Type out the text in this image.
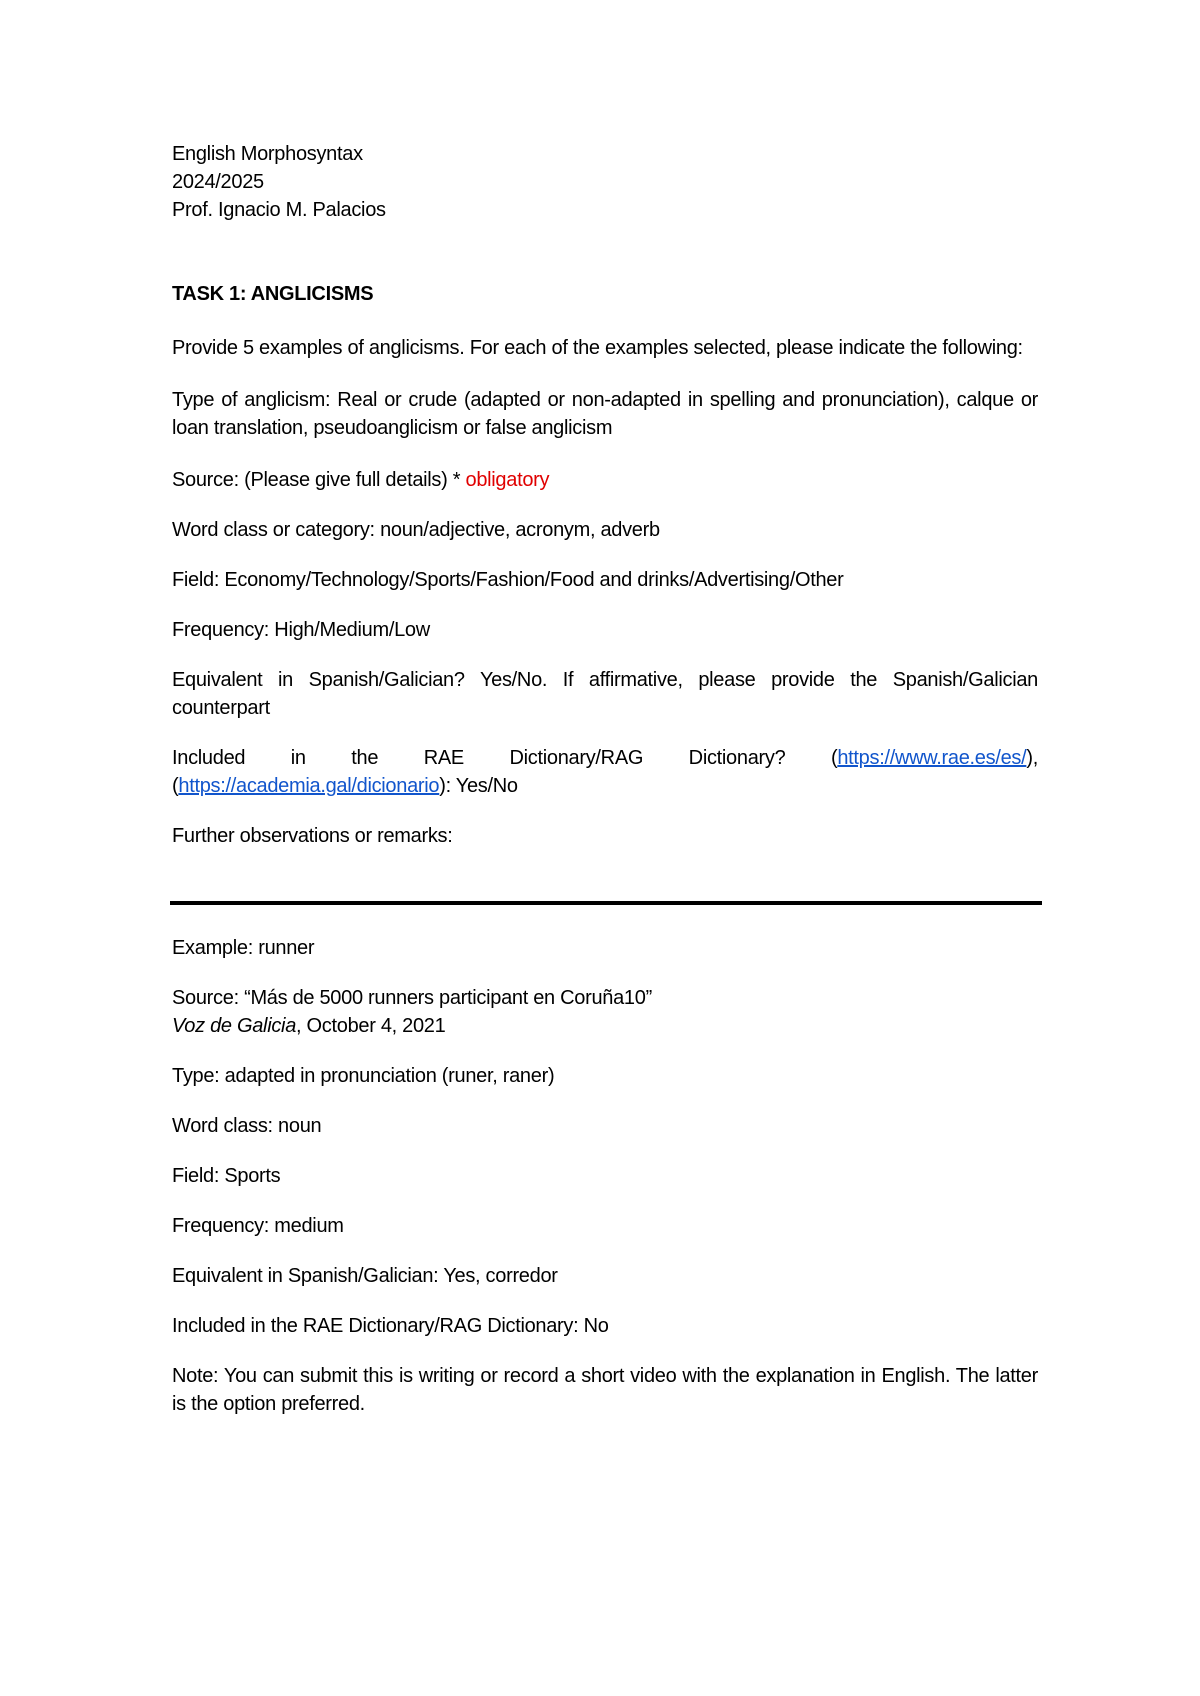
English Morphosyntax
2024/2025
Prof. Ignacio M. Palacios

TASK 1: ANGLICISMS

Provide 5 examples of anglicisms. For each of the examples selected, please indicate the following:

Type of anglicism: Real or crude (adapted or non-adapted in spelling and pronunciation), calque or loan translation, pseudoanglicism or false anglicism

Source: (Please give full details) * obligatory

Word class or category: noun/adjective, acronym, adverb

Field: Economy/Technology/Sports/Fashion/Food and drinks/Advertising/Other

Frequency: High/Medium/Low

Equivalent in Spanish/Galician? Yes/No. If affirmative, please provide the Spanish/Galician counterpart

Included in the RAE Dictionary/RAG Dictionary? (https://www.rae.es/es/), (https://academia.gal/dicionario): Yes/No

Further observations or remarks:

Example: runner

Source: “Más de 5000 runners participant en Coruña10”
Voz de Galicia, October 4, 2021

Type: adapted in pronunciation (runer, raner)

Word class: noun

Field: Sports

Frequency: medium

Equivalent in Spanish/Galician: Yes, corredor

Included in the RAE Dictionary/RAG Dictionary: No

Note: You can submit this is writing or record a short video with the explanation in English. The latter is the option preferred.
